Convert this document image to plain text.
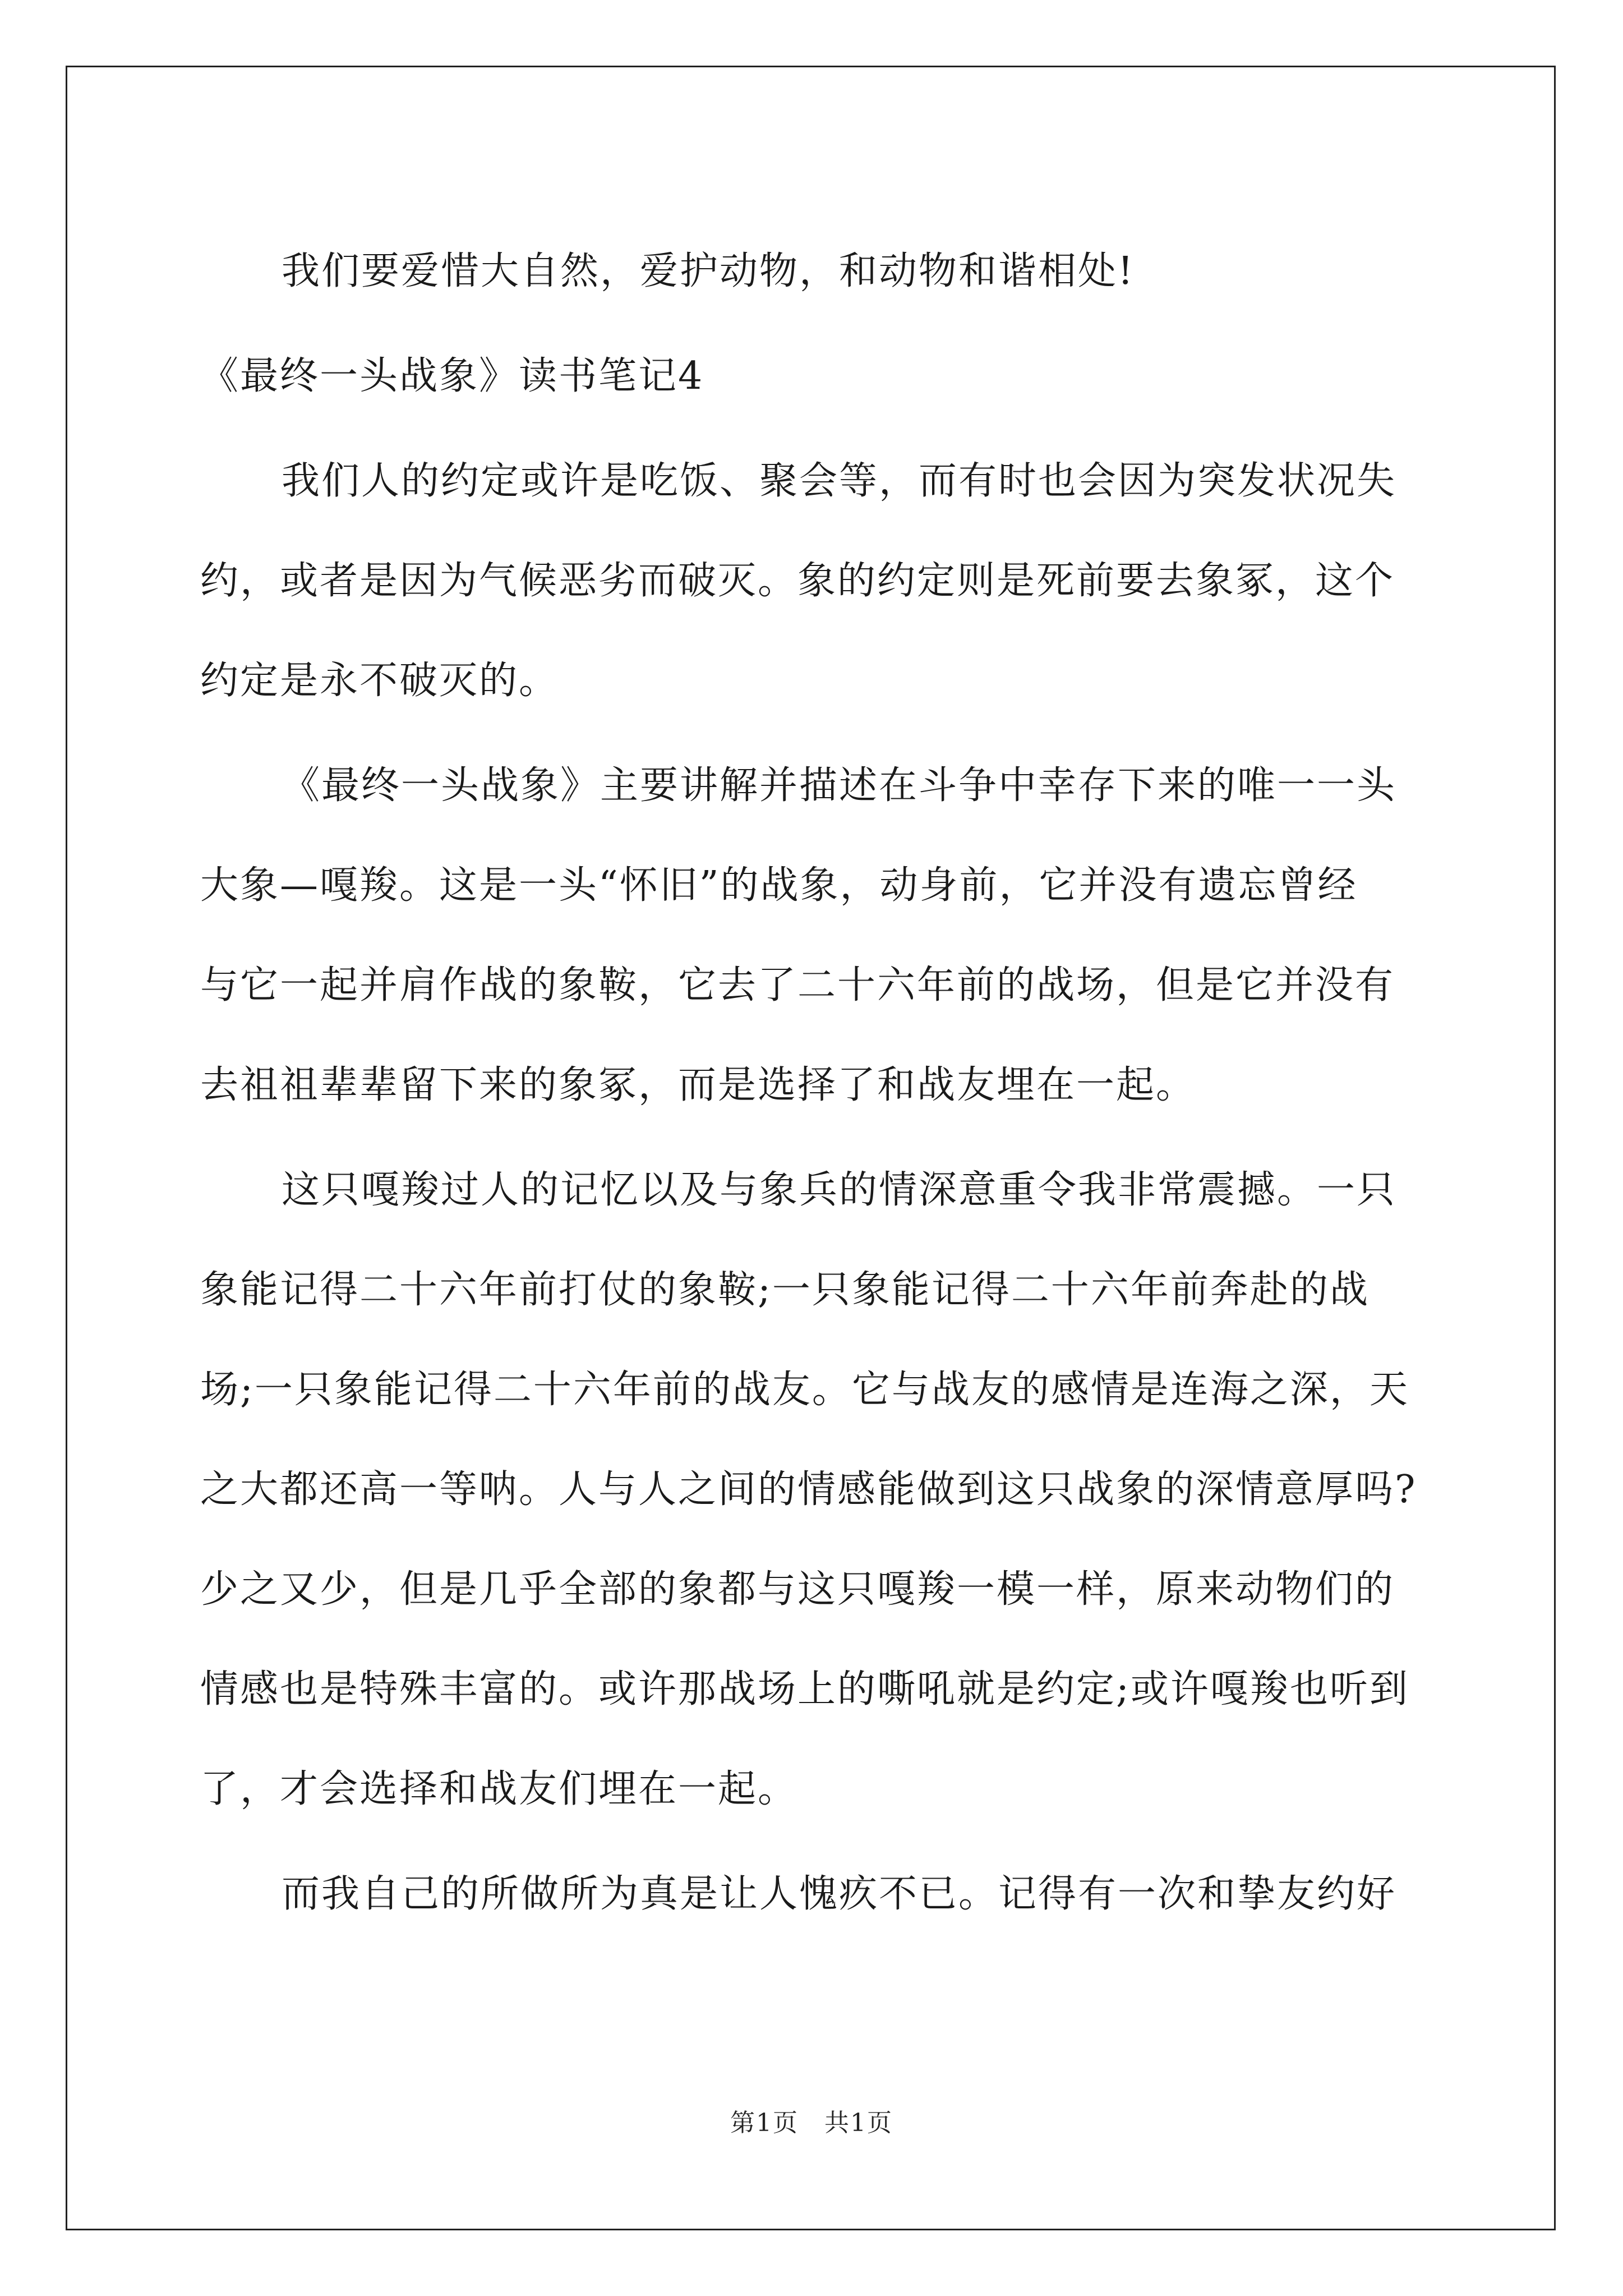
我们要爱惜大自然，爱护动物，和动物和谐相处!
《最终一头战象》读书笔记4
我们人的约定或许是吃饭、聚会等，而有时也会因为突发状况失
约，或者是因为气候恶劣而破灭。象的约定则是死前要去象冢，这个
约定是永不破灭的。
《最终一头战象》主要讲解并描述在斗争中幸存下来的唯一一头
大象—嘎羧。这是一头“怀旧”的战象，动身前，它并没有遗忘曾经
与它一起并肩作战的象鞍，它去了二十六年前的战场，但是它并没有
去祖祖辈辈留下来的象冢，而是选择了和战友埋在一起。
这只嘎羧过人的记忆以及与象兵的情深意重令我非常震撼。一只
象能记得二十六年前打仗的象鞍;一只象能记得二十六年前奔赴的战
场;一只象能记得二十六年前的战友。它与战友的感情是连海之深，天
之大都还高一等呐。人与人之间的情感能做到这只战象的深情意厚吗?
少之又少，但是几乎全部的象都与这只嘎羧一模一样，原来动物们的
情感也是特殊丰富的。或许那战场上的嘶吼就是约定;或许嘎羧也听到
了，才会选择和战友们埋在一起。
而我自己的所做所为真是让人愧疚不已。记得有一次和挚友约好
第1页　共1页
